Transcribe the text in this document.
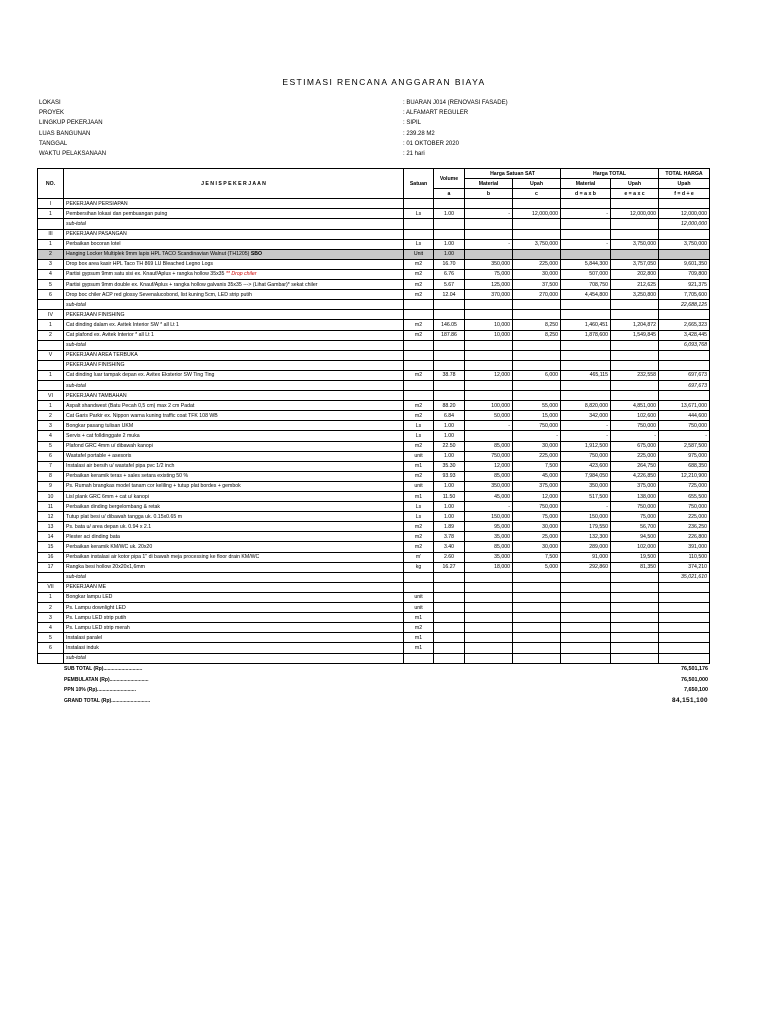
ESTIMASI RENCANA ANGGARAN BIAYA
LOKASI	: BUARAN J014 (RENOVASI FASADE)
PROYEK	: ALFAMART REGULER
LINGKUP PEKERJAAN	: SIPIL
LUAS BANGUNAN	: 239.28 M2
TANGGAL	: 01 OKTOBER 2020
WAKTU PELAKSANAAN	: 21 hari
NO.	J E N I S P E K E R J A A N	Satuan	Volume	Harga Satuan SAT		Harga TOTAL		TOTAL HARGA
				Material	Upah	Material	Upah	Upah
			a	b	c	d = a x b	e = a x c	f = d + e
I	PEKERJAAN PERSIAPAN							
1	Pembersihan lokasi dan pembuangan puing	Ls	1.00	-	12,000,000	-	12,000,000	12,000,000
	sub-total							12,000,000
III	PEKERJAAN PASANGAN							
1	Perbaikan bocoran lotel	Ls	1.00	-	3,750,000	-	3,750,000	3,750,000
2	Hanging Locker Multiplek 9mm lapis HPL TACO Scandinavian Walnut (TH1205) SBO	Unit	1.00					
3	Drop box area kasir HPL Taco TH 869 LU Bleached Legno Logs	m2	16.70	350,000	225,000	5,844,300	3,757,050	9,601,350
4	Partisi gypsum 9mm satu sisi ex. Knauf/Aplus + rangka hollow 35x35 ** Drop chiler	m2	6.76	75,000	30,000	507,000	202,800	709,800
5	Partisi gypsum 9mm double ex. Knauf/Aplus + rangka hollow galvanis 35x35 ---> (Lihat Gambar)* sekat chiler	m2	5.67	125,000	37,500	708,750	212,625	921,375
6	Drop boc chiler ACP red glossy Sevenalucobond, list kuning 5cm, LED strip putih	m2	12.04	370,000	270,000	4,454,800	3,250,800	7,705,600
	sub-total							22,688,125
IV	PEKERJAAN FINISHING							
1	Cat dinding dalam ex. Avitek Interior SW * all Lt 1	m2	146.05	10,000	8,250	1,460,451	1,204,872	2,665,323
2	Cat plafond ex. Avitek Interior * all Lt 1	m2	187.86	10,000	8,250	1,878,600	1,549,845	3,428,445
	sub-total							6,093,768
V	PEKERJAAN AREA TERBUKA							
	PEKERJAAN FINISHING							
1	Cat dinding luar tampak depan ex. Avitex Eksterior SW Ting Ting	m2	38.78	12,000	6,000	465,115	232,558	697,673
	sub-total							697,673
VI	PEKERJAAN TAMBAHAN							
1	Aspalt shandwest (Batu Pecah 0,5 cm) max 2 cm Padat	m2	88.20	100,000	55,000	8,820,000	4,851,000	13,671,000
2	Cat Garis Parkir ex. Nippon warna kuning traffic coat TFK 108 WB	m2	6.84	50,000	15,000	342,000	102,600	444,600
3	Bongkar pasang tulisan UKM	Ls	1.00	-	750,000	-	750,000	750,000
4	Servis + cat folldinggate 2 muka	Ls	1.00		-	-	-	-
5	Plafond GRC 4mm u/ dibawah kanopi	m2	22.50	85,000	30,000	1,912,500	675,000	2,587,500
6	Wastafel portable + asesoris	unit	1.00	750,000	225,000	750,000	225,000	975,000
7	Instalasi air bersih u/ wastafel pipa pvc 1/2 inch	m1	35.30	12,000	7,500	423,600	264,750	688,350
8	Perbaikan keramik teras + sales setara existing 50 %	m2	93.93	85,000	45,000	7,984,050	4,226,850	12,210,900
9	Ps. Rumah brangkas model tanam cor keliling + tutup plat bordes + gembok	unit	1.00	350,000	375,000	350,000	375,000	725,000
10	Lisl plank GRC 6mm + cat u/ kanopi	m1	11.50	45,000	12,000	517,500	138,000	655,500
11	Perbaikan dinding bergelombang & retak	Ls	1.00	-	750,000	-	750,000	750,000
12	Tutup plat besi u/ dibawah tangga uk. 0.15x0.65 m	Ls	1.00	150,000	75,000	150,000	75,000	225,000
13	Ps. bata u/ area depan uk. 0.94 x 2.1	m2	1.89	95,000	30,000	179,550	56,700	236,250
14	Plester aci dinding bata	m2	3.78	35,000	25,000	132,300	94,500	226,800
15	Perbaikan keramik KM/WC uk. 20x20	m2	3.40	85,000	30,000	289,000	102,000	391,000
16	Perbaikan instalasi air kotor pipa 1" di bawah meja processing ke floor drain KM/WC	m'	2.60	35,000	7,500	91,000	19,500	110,500
17	Rangka besi hollow 20x20x1,6mm	kg	16.27	18,000	5,000	292,860	81,350	374,210
	sub-total							35,021,610
VII	PEKERJAAN ME							
1	Bongkar lampu LED	unit						
2	Ps. Lampu downlight LED	unit						
3	Ps. Lampu LED strip putih	m1						
4	Ps. Lampu LED strip merah	m2						
5	Instalasi paralel	m1						
6	Instalasi induk	m1						
	sub-total							
SUB TOTAL (Rp)............................	76,501,176
PEMBULATAN (Rp)............................	76,501,000
PPN 10% (Rp)............................	7,650,100
GRAND TOTAL (Rp)............................	84,151,100
